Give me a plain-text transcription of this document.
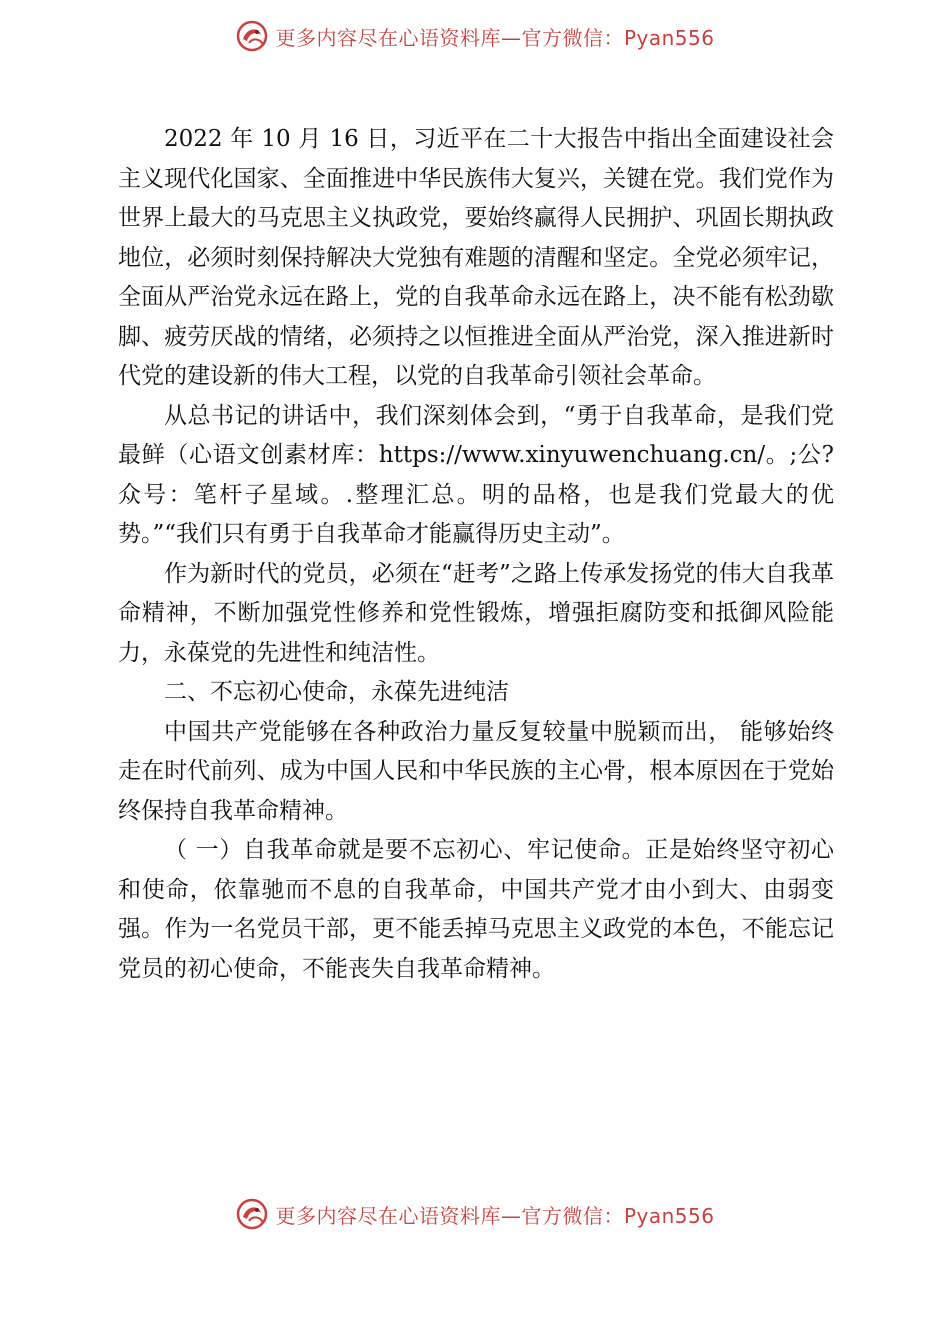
更多内容尽在心语资料库—官方微信：Pyan556

2022 年 10 月 16 日，习近平在二十大报告中指出全面建设社会主义现代化国家、全面推进中华民族伟大复兴，关键在党。我们党作为世界上最大的马克思主义执政党，要始终赢得人民拥护、巩固长期执政地位，必须时刻保持解决大党独有难题的清醒和坚定。全党必须牢记，全面从严治党永远在路上，党的自我革命永远在路上，决不能有松劲歇脚、疲劳厌战的情绪，必须持之以恒推进全面从严治党，深入推进新时代党的建设新的伟大工程，以党的自我革命引领社会革命。

从总书记的讲话中，我们深刻体会到，“勇于自我革命，是我们党最鲜（心语文创素材库：https://www.xinyuwenchuang.cn/。;公?众号：笔杆子星域。.整理汇总。明的品格，也是我们党最大的优势。”“我们只有勇于自我革命才能赢得历史主动”。

作为新时代的党员，必须在“赶考”之路上传承发扬党的伟大自我革命精神，不断加强党性修养和党性锻炼，增强拒腐防变和抵御风险能力，永葆党的先进性和纯洁性。

二、不忘初心使命，永葆先进纯洁

中国共产党能够在各种政治力量反复较量中脱颖而出， 能够始终走在时代前列、成为中国人民和中华民族的主心骨，根本原因在于党始终保持自我革命精神。

（ 一）自我革命就是要不忘初心、牢记使命。正是始终坚守初心和使命，依靠驰而不息的自我革命，中国共产党才由小到大、由弱变强。作为一名党员干部，更不能丢掉马克思主义政党的本色，不能忘记党员的初心使命，不能丧失自我革命精神。

更多内容尽在心语资料库—官方微信：Pyan556
